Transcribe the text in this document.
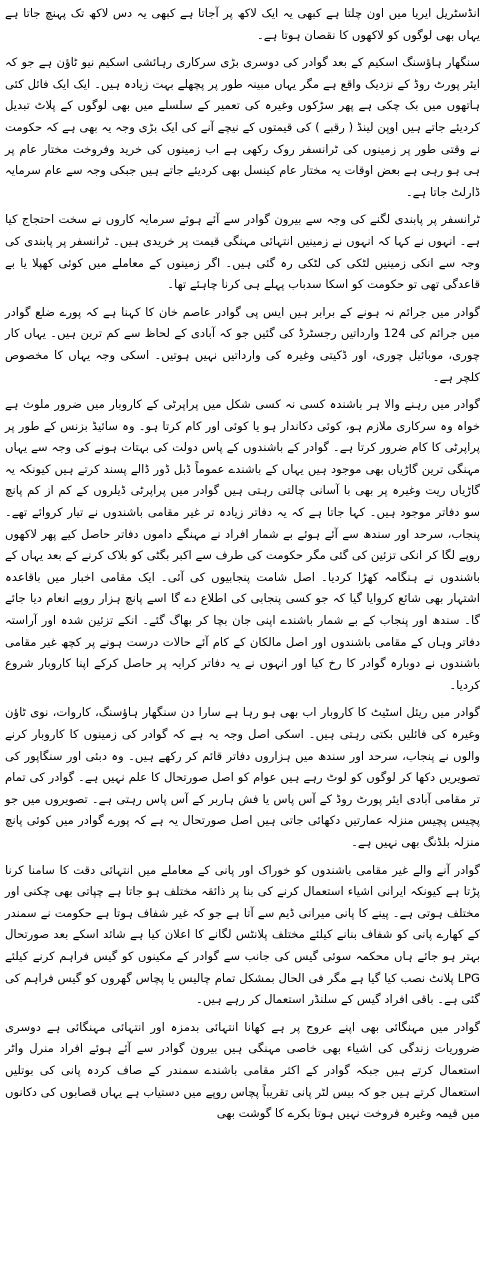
انڈسٹریل ایریا میں اون چلتا ہے کبھی یہ ایک لاکھ پر آجاتا ہے کبھی یہ دس لاکھ تک پہنچ جاتا ہے یہاں بھی لوگوں کو لاکھوں کا نقصان ہوتا ہے۔

سنگھار ہاؤسنگ اسکیم کے بعد گوادر کی دوسری بڑی سرکاری رہائشی اسکیم نیو ٹاؤن ہے جو کہ ایئر پورٹ روڈ کے نزدیک واقع ہے مگر یہاں مبینہ طور پر پچھلے بہت زیادہ ہیں۔ ایک ایک فائل کئی ہاتھوں میں بک چکی ہے پھر سڑکوں وغیرہ کی تعمیر کے سلسلے میں بھی لوگوں کے پلاٹ تبدیل کردیئے جاتے ہیں اوپن لینڈ ( رقبے ) کی قیمتوں کے نیچے آنے کی ایک بڑی وجہ یہ بھی ہے کہ حکومت نے وقتی طور پر زمینوں کی ٹرانسفر روک رکھی ہے اب زمینوں کی خرید وفروخت مختار عام پر ہی ہو رہی ہے بعض اوقات یہ مختار عام کینسل بھی کردیئے جاتے ہیں جبکی وجہ سے عام سرمایہ ڈارلٹ جاتا ہے۔

ٹرانسفر پر پابندی لگنے کی وجہ سے بیرون گوادر سے آئے ہوئے سرمایہ کاروں نے سخت احتجاج کیا ہے۔ انہوں نے کہا کہ انہوں نے زمینیں انتہائی مہنگی قیمت پر خریدی ہیں۔ ٹرانسفر پر پابندی کی وجہ سے انکی زمینیں لٹکی کی لٹکی رہ گئی ہیں۔ اگر زمینوں کے معاملے میں کوئی کھپلا یا بے قاعدگی تھی تو حکومت کو اسکا سدباب پہلے ہی کرنا چاہئے تھا۔

گوادر میں جرائم نہ ہونے کے برابر ہیں ایس پی گوادر عاصم خان کا کہنا ہے کہ پورے ضلع گوادر میں جرائم کی 124 وارداتیں رجسٹرڈ کی گئیں جو کہ آبادی کے لحاظ سے کم ترین ہیں۔ یہاں کار چوری، موبائیل چوری، اور ڈکیتی وغیرہ کی وارداتیں نہیں ہوتیں۔ اسکی وجہ یہاں کا مخصوص کلچر ہے۔

گوادر میں رہنے والا ہر باشندہ کسی نہ کسی شکل میں پراپرٹی کے کاروبار میں ضرور ملوث ہے خواہ وہ سرکاری ملازم ہو، کوئی دکاندار ہو یا کوئی اور کام کرتا ہو۔ وہ سائیڈ بزنس کے طور پر پراپرٹی کا کام ضرور کرتا ہے۔ گوادر کے باشندوں کے پاس دولت کی بہتات ہونے کی وجہ سے یہاں مہنگی ترین گاڑیاں بھی موجود ہیں یہاں کے باشندے عموماً ڈبل ڈور ڈالے پسند کرتے ہیں کیونکہ یہ گاڑیاں ریت وغیرہ پر بھی با آسانی چالتی رہتی ہیں گوادر میں پراپرٹی ڈیلروں کے کم از کم پانچ سو دفاتر موجود ہیں۔ کہا جاتا ہے کہ یہ دفاتر زیادہ تر غیر مقامی باشندوں نے تیار کروائے تھے۔ پنجاب، سرحد اور سندھ سے آئے ہوئے بے شمار افراد نے مہنگے داموں دفاتر حاصل کیے پھر لاکھوں روپے لگا کر انکی تزئین کی گئی مگر حکومت کی طرف سے اکبر بگٹی کو بلاک کرنے کے بعد یہاں کے باشندوں نے ہنگامہ کھڑا کردیا۔ اصل شامت پنجابیوں کی آئی۔ ایک مقامی اخبار میں باقاعدہ اشتہار بھی شائع کروایا گیا کہ جو کسی پنجابی کی اطلاع دے گا اسے پانچ ہزار روپے انعام دیا جائے گا۔ سندھ اور پنجاب کے بے شمار باشندے اپنی جان بچا کر بھاگ گئے۔ انکے تزئین شدہ اور آراستہ دفاتر وہاں کے مقامی باشندوں اور اصل مالکان کے کام آئے حالات درست ہونے پر کچھ غیر مقامی باشندوں نے دوبارہ گوادر کا رخ کیا اور انہوں نے یہ دفاتر کرایہ پر حاصل کرکے اپنا کاروبار شروع کردیا۔

گوادر میں ریئل اسٹیٹ کا کاروبار اب بھی ہو رہا ہے سارا دن سنگھار ہاؤسنگ، کاروات، نوی ٹاؤن وغیرہ کی فائلیں بکتی رہتی ہیں۔ اسکی اصل وجہ یہ ہے کہ گوادر کی زمینوں کا کاروبار کرنے والوں نے پنجاب، سرحد اور سندھ میں ہزاروں دفاتر قائم کر رکھے ہیں۔ وہ دبئی اور سنگاپور کی تصویریں دکھا کر لوگوں کو لوٹ رہے ہیں عوام کو اصل صورتحال کا علم نہیں ہے۔ گوادر کی تمام تر مقامی آبادی ایئر پورٹ روڈ کے آس پاس یا فش ہاربر کے آس پاس رہتی ہے۔ تصویروں میں جو پچیس پچیس منزلہ عمارتیں دکھائی جاتی ہیں اصل صورتحال یہ ہے کہ پورے گوادر میں کوئی پانچ منزلہ بلڈنگ بھی نہیں ہے۔

گوادر آنے والے غیر مقامی باشندوں کو خوراک اور پانی کے معاملے میں انتہائی دقت کا سامنا کرنا پڑتا ہے کیونکہ ایرانی اشیاء استعمال کرنے کی بنا پر ذائقہ مختلف ہو جاتا ہے چپاتی بھی چکنی اور مختلف ہوتی ہے۔ پینے کا پانی میرانی ڈیم سے آتا ہے جو کہ غیر شفاف ہوتا ہے حکومت نے سمندر کے کھارے پانی کو شفاف بنانے کیلئے مختلف پلانٹس لگانے کا اعلان کیا ہے شائد اسکے بعد صورتحال بہتر ہو جائے ہاں محکمہ سوئی گیس کی جانب سے گوادر کے مکینوں کو گیس فراہم کرنے کیلئے LPG پلانٹ نصب کیا گیا ہے مگر فی الحال بمشکل تمام چالیس یا پچاس گھروں کو گیس فراہم کی گئی ہے۔ باقی افراد گیس کے سلنڈر استعمال کر رہے ہیں۔

گوادر میں مہنگائی بھی اپنے عروج پر ہے کھانا انتہائی بدمزہ اور انتہائی مہنگائی ہے دوسری ضروریات زندگی کی اشیاء بھی خاصی مہنگی ہیں بیرون گوادر سے آئے ہوئے افراد منرل واٹر استعمال کرتے ہیں جبکہ گوادر کے اکثر مقامی باشندے سمندر کے صاف کردہ پانی کی بوتلیں استعمال کرتے ہیں جو کہ بیس لٹر پانی تقریباً پچاس روپے میں دستیاب ہے یہاں قصابوں کی دکانوں میں قیمہ وغیرہ فروخت نہیں ہوتا بکرے کا گوشت بھی
